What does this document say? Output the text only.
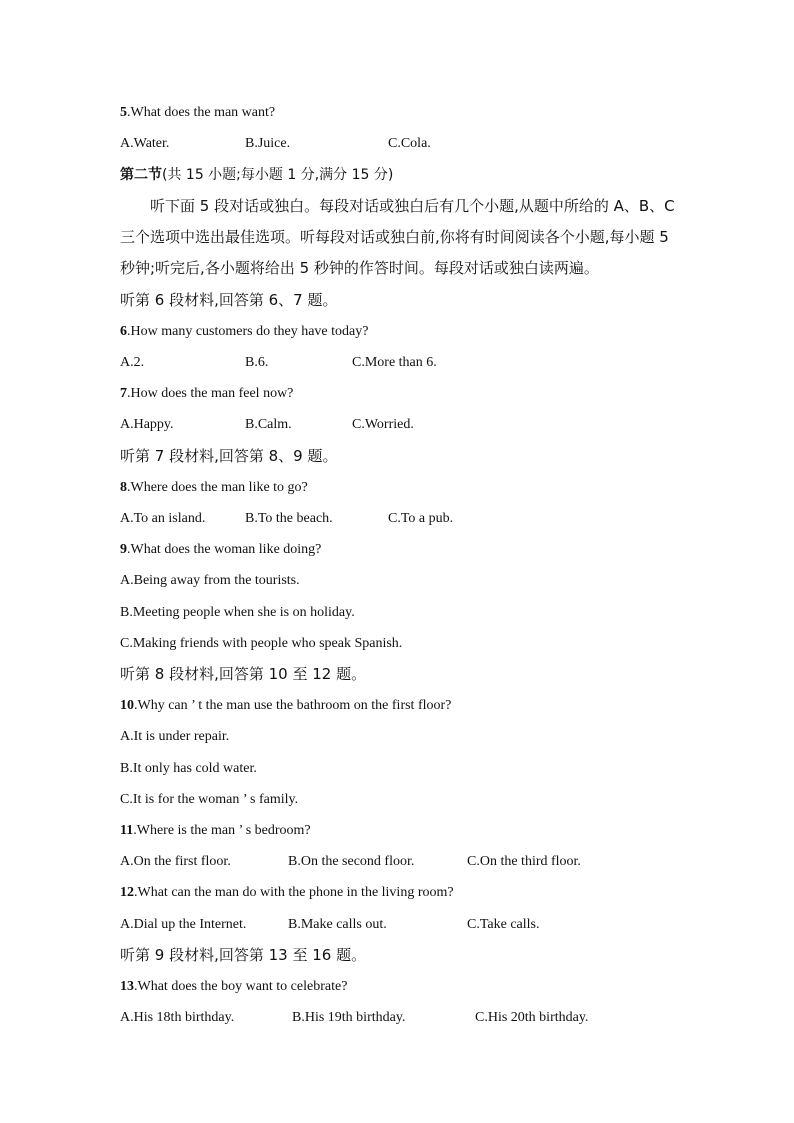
5.What does the man want?
A.Water.	B.Juice.	C.Cola.
第二节(共 15 小题;每小题 1 分,满分 15 分)
听下面 5 段对话或独白。每段对话或独白后有几个小题,从题中所给的 A、B、C 三个选项中选出最佳选项。听每段对话或独白前,你将有时间阅读各个小题,每小题 5 秒钟;听完后,各小题将给出 5 秒钟的作答时间。每段对话或独白读两遍。
听第 6 段材料,回答第 6、7 题。
6.How many customers do they have today?
A.2.	B.6.	C.More than 6.
7.How does the man feel now?
A.Happy.	B.Calm.	C.Worried.
听第 7 段材料,回答第 8、9 题。
8.Where does the man like to go?
A.To an island.	B.To the beach.	C.To a pub.
9.What does the woman like doing?
A.Being away from the tourists.
B.Meeting people when she is on holiday.
C.Making friends with people who speak Spanish.
听第 8 段材料,回答第 10 至 12 题。
10.Why can ’ t the man use the bathroom on the first floor?
A.It is under repair.
B.It only has cold water.
C.It is for the woman ’ s family.
11.Where is the man ’ s bedroom?
A.On the first floor.	B.On the second floor.	C.On the third floor.
12.What can the man do with the phone in the living room?
A.Dial up the Internet.	B.Make calls out.	C.Take calls.
听第 9 段材料,回答第 13 至 16 题。
13.What does the boy want to celebrate?
A.His 18th birthday.	B.His 19th birthday.	C.His 20th birthday.
